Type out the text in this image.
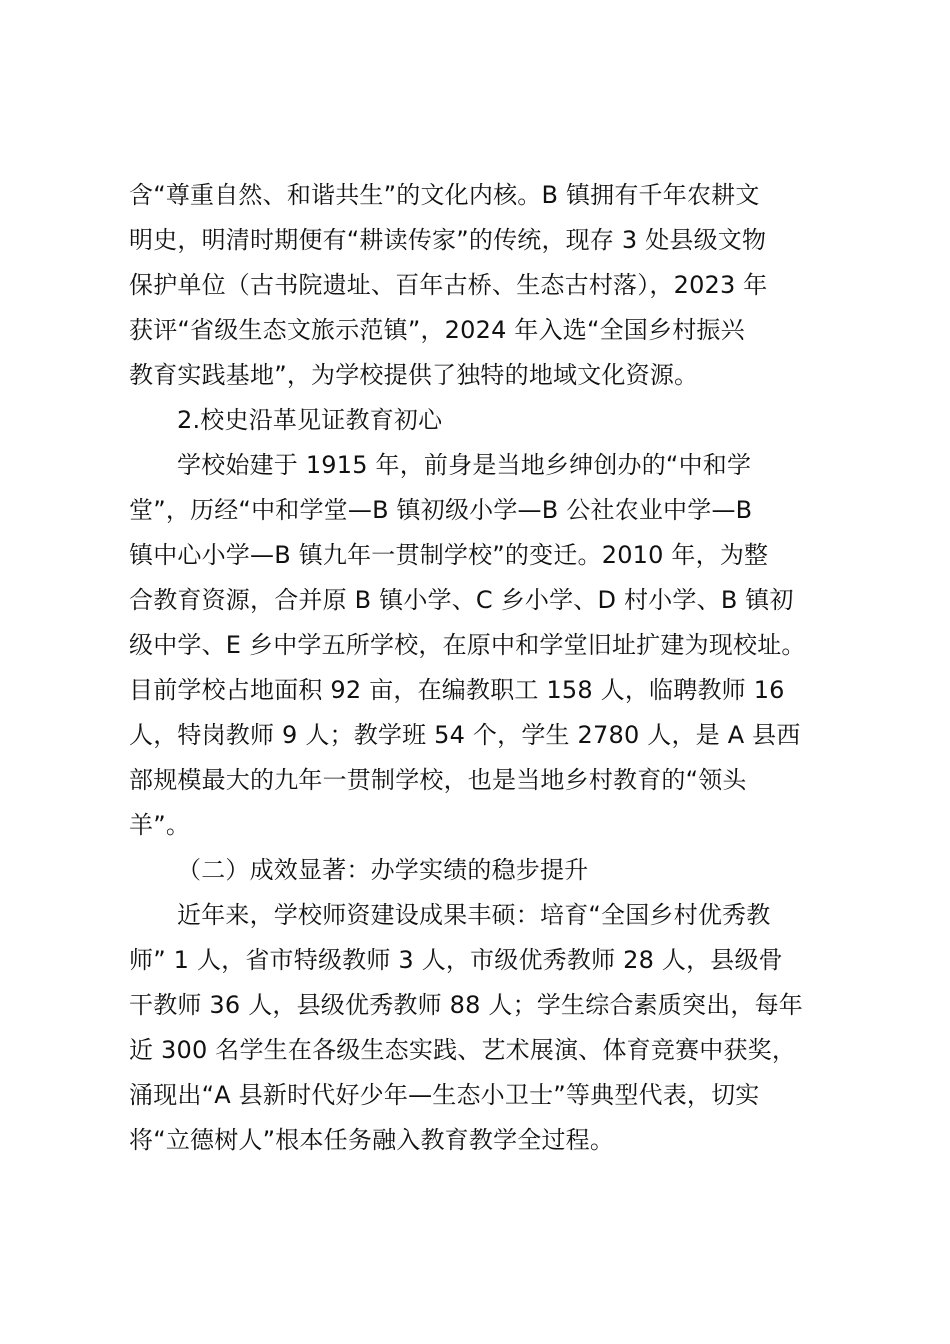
含“尊重自然、和谐共生”的文化内核。B 镇拥有千年农耕文
明史，明清时期便有“耕读传家”的传统，现存 3 处县级文物
保护单位（古书院遗址、百年古桥、生态古村落），2023 年
获评“省级生态文旅示范镇”，2024 年入选“全国乡村振兴
教育实践基地”，为学校提供了独特的地域文化资源。
2.校史沿革见证教育初心
学校始建于 1915 年，前身是当地乡绅创办的“中和学
堂”，历经“中和学堂—B 镇初级小学—B 公社农业中学—B
镇中心小学—B 镇九年一贯制学校”的变迁。2010 年，为整
合教育资源，合并原 B 镇小学、C 乡小学、D 村小学、B 镇初
级中学、E 乡中学五所学校，在原中和学堂旧址扩建为现校址。
目前学校占地面积 92 亩，在编教职工 158 人，临聘教师 16
人，特岗教师 9 人；教学班 54 个，学生 2780 人，是 A 县西
部规模最大的九年一贯制学校，也是当地乡村教育的“领头
羊”。
（二）成效显著：办学实绩的稳步提升
近年来，学校师资建设成果丰硕：培育“全国乡村优秀教
师” 1 人，省市特级教师 3 人，市级优秀教师 28 人，县级骨
干教师 36 人，县级优秀教师 88 人；学生综合素质突出，每年
近 300 名学生在各级生态实践、艺术展演、体育竞赛中获奖，
涌现出“A 县新时代好少年—生态小卫士”等典型代表，切实
将“立德树人”根本任务融入教育教学全过程。
